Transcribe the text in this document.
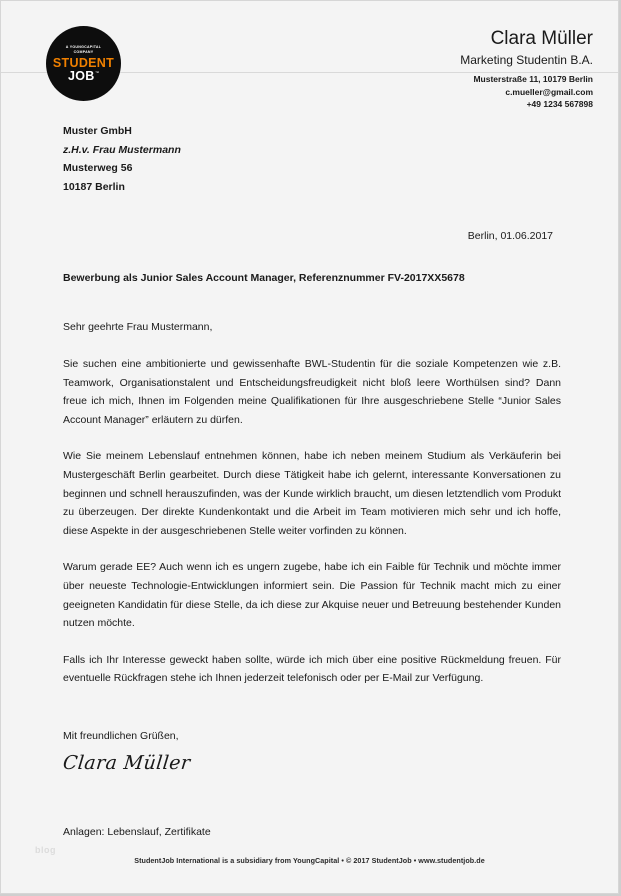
A YOUNGCAPITAL COMPANY
STUDENT
JOB ™
Clara Müller
Marketing Studentin B.A.
Musterstraße 11, 10179 Berlin
c.mueller@gmail.com
+49 1234 567898
Muster GmbH
z.H.v. Frau Mustermann
Musterweg 56
10187 Berlin
Berlin, 01.06.2017
Bewerbung als Junior Sales Account Manager, Referenznummer FV-2017XX5678
Sehr geehrte Frau Mustermann,
Sie suchen eine ambitionierte und gewissenhafte BWL-Studentin für die soziale Kompetenzen wie z.B. Teamwork, Organisationstalent und Entscheidungsfreudigkeit nicht bloß leere Worthülsen sind? Dann freue ich mich, Ihnen im Folgenden meine Qualifikationen für Ihre ausgeschriebene Stelle “Junior Sales Account Manager” erläutern zu dürfen.
Wie Sie meinem Lebenslauf entnehmen können, habe ich neben meinem Studium als Verkäuferin bei Mustergeschäft Berlin gearbeitet. Durch diese Tätigkeit habe ich gelernt, interessante Konversationen zu beginnen und schnell herauszufinden, was der Kunde wirklich braucht, um diesen letztendlich vom Produkt zu überzeugen. Der direkte Kundenkontakt und die Arbeit im Team motivieren mich sehr und ich hoffe, diese Aspekte in der ausgeschriebenen Stelle weiter vorfinden zu können.
Warum gerade EE? Auch wenn ich es ungern zugebe, habe ich ein Faible für Technik und möchte immer über neueste Technologie-Entwicklungen informiert sein. Die Passion für Technik macht mich zu einer geeigneten Kandidatin für diese Stelle, da ich diese zur Akquise neuer und Betreuung bestehender Kunden nutzen möchte.
Falls ich Ihr Interesse geweckt haben sollte, würde ich mich über eine positive Rückmeldung freuen. Für eventuelle Rückfragen stehe ich Ihnen jederzeit telefonisch oder per E-Mail zur Verfügung.
Mit freundlichen Grüßen,
Clara Müller
Anlagen: Lebenslauf, Zertifikate
blog
StudentJob International is a subsidiary from YoungCapital • © 2017 StudentJob • www.studentjob.de
